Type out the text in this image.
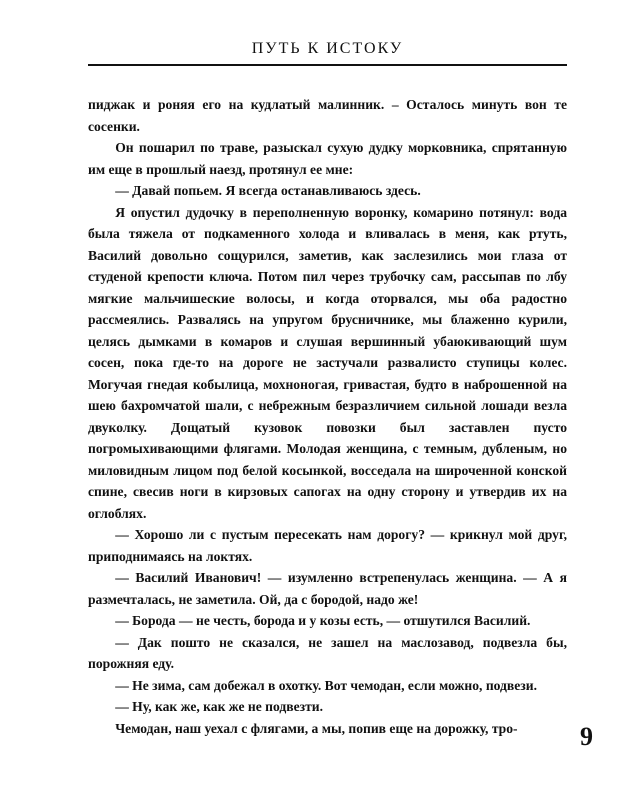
ПУТЬ К ИСТОКУ

пиджак и роняя его на кудлатый малинник. – Осталось минуть вон те сосенки.

Он пошарил по траве, разыскал сухую дудку морковника, спрятанную им еще в прошлый наезд, протянул ее мне:

— Давай попьем. Я всегда останавливаюсь здесь.

Я опустил дудочку в переполненную воронку, комарино потянул: вода была тяжела от подкаменного холода и вливалась в меня, как ртуть, Василий довольно сощурился, заметив, как заслезились мои глаза от студеной крепости ключа. Потом пил через трубочку сам, рассыпав по лбу мягкие мальчишеские волосы, и когда оторвался, мы оба радостно рассмеялись. Развалясь на упругом брусничнике, мы блаженно курили, целясь дымками в комаров и слушая вершинный убаюкивающий шум сосен, пока где-то на дороге не застучали развалисто ступицы колес. Могучая гнедая кобылица, мохноногая, гривастая, будто в наброшенной на шею бахромчатой шали, с небрежным безразличием сильной лошади везла двуколку. Дощатый кузовок повозки был заставлен пусто погромыхивающими флягами. Молодая женщина, с темным, дубленым, но миловидным лицом под белой косынкой, восседала на широченной конской спине, свесив ноги в кирзовых сапогах на одну сторону и утвердив их на оглоблях.

— Хорошо ли с пустым пересекать нам дорогу? — крикнул мой друг, приподнимаясь на локтях.

— Василий Иванович! — изумленно встрепенулась женщина. — А я размечталась, не заметила. Ой, да с бородой, надо же!

— Борода — не честь, борода и у козы есть, — отшутился Василий.

— Дак пошто не сказался, не зашел на маслозавод, подвезла бы, порожняя еду.

— Не зима, сам добежал в охотку. Вот чемодан, если можно, подвези.

— Ну, как же, как же не подвезти.

Чемодан, наш уехал с флягами, а мы, попив еще на дорожку, тро-	9
